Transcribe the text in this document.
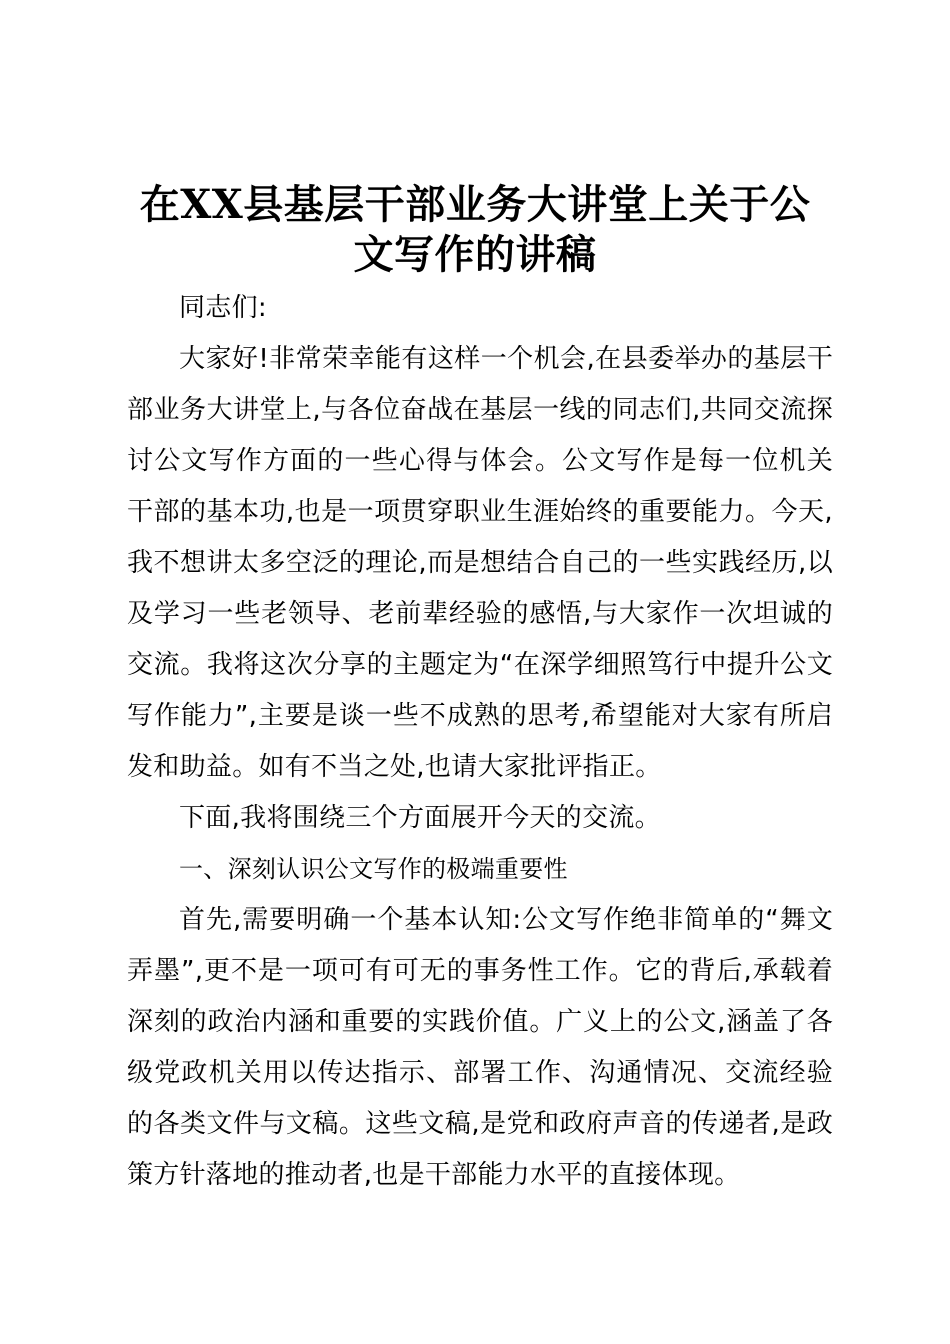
在XX县基层干部业务大讲堂上关于公文写作的讲稿

同志们:

大家好!非常荣幸能有这样一个机会,在县委举办的基层干部业务大讲堂上,与各位奋战在基层一线的同志们,共同交流探讨公文写作方面的一些心得与体会。公文写作是每一位机关干部的基本功,也是一项贯穿职业生涯始终的重要能力。今天,我不想讲太多空泛的理论,而是想结合自己的一些实践经历,以及学习一些老领导、老前辈经验的感悟,与大家作一次坦诚的交流。我将这次分享的主题定为“在深学细照笃行中提升公文写作能力”,主要是谈一些不成熟的思考,希望能对大家有所启发和助益。如有不当之处,也请大家批评指正。

下面,我将围绕三个方面展开今天的交流。

一、深刻认识公文写作的极端重要性

首先,需要明确一个基本认知:公文写作绝非简单的“舞文弄墨”,更不是一项可有可无的事务性工作。它的背后,承载着深刻的政治内涵和重要的实践价值。广义上的公文,涵盖了各级党政机关用以传达指示、部署工作、沟通情况、交流经验的各类文件与文稿。这些文稿,是党和政府声音的传递者,是政策方针落地的推动者,也是干部能力水平的直接体现。
